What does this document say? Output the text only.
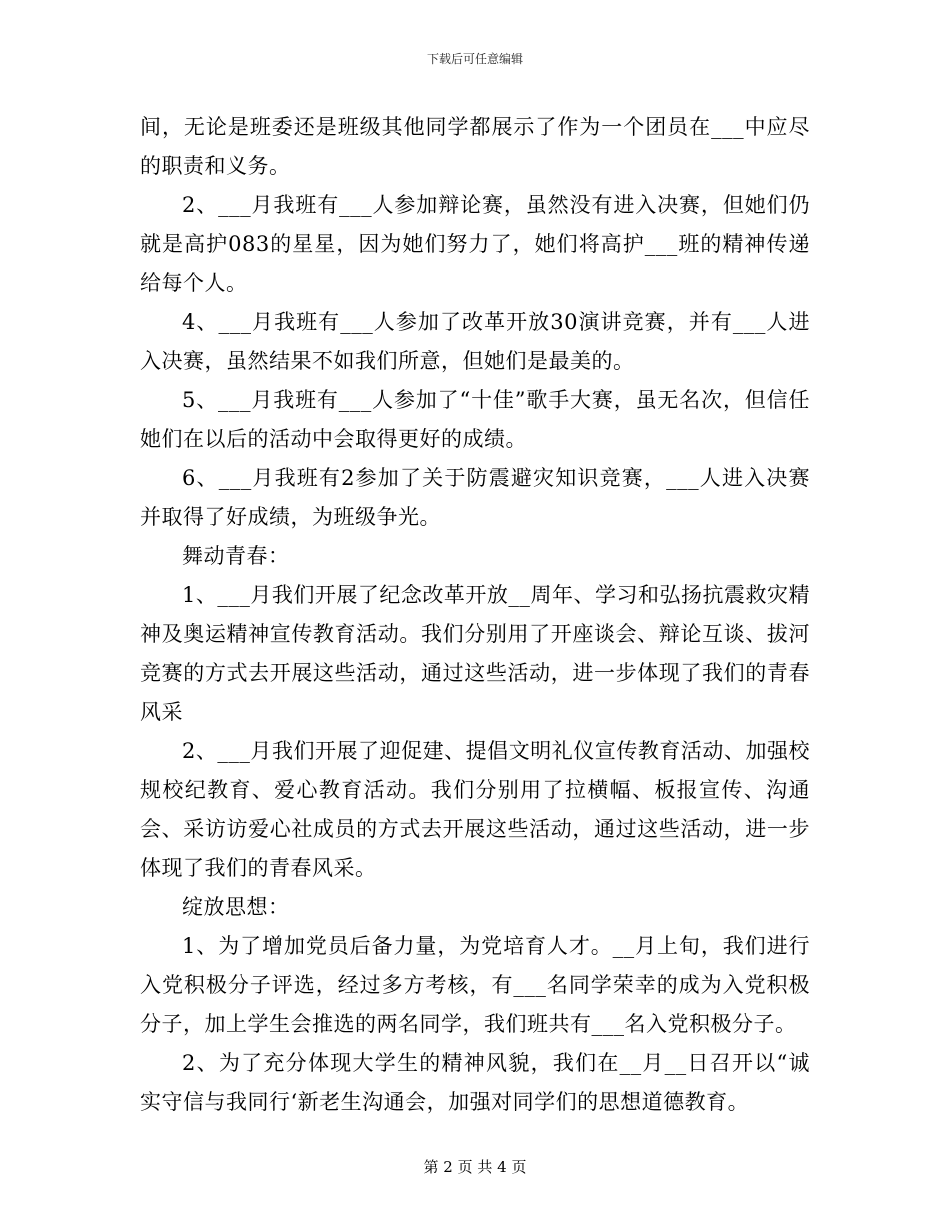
下载后可任意编辑

间，无论是班委还是班级其他同学都展示了作为一个团员在___中应尽的职责和义务。

2、___月我班有___人参加辩论赛，虽然没有进入决赛，但她们仍就是高护083的星星，因为她们努力了，她们将高护___班的精神传递给每个人。

4、___月我班有___人参加了改革开放30演讲竞赛，并有___人进入决赛，虽然结果不如我们所意，但她们是最美的。

5、___月我班有___人参加了“十佳”歌手大赛，虽无名次，但信任她们在以后的活动中会取得更好的成绩。

6、___月我班有2参加了关于防震避灾知识竞赛，___人进入决赛并取得了好成绩，为班级争光。

舞动青春：

1、___月我们开展了纪念改革开放__周年、学习和弘扬抗震救灾精神及奥运精神宣传教育活动。我们分别用了开座谈会、辩论互谈、拔河竞赛的方式去开展这些活动，通过这些活动，进一步体现了我们的青春风采

2、___月我们开展了迎促建、提倡文明礼仪宣传教育活动、加强校规校纪教育、爱心教育活动。我们分别用了拉横幅、板报宣传、沟通会、采访访爱心社成员的方式去开展这些活动，通过这些活动，进一步体现了我们的青春风采。

绽放思想：

1、为了增加党员后备力量，为党培育人才。__月上旬，我们进行入党积极分子评选，经过多方考核，有___名同学荣幸的成为入党积极分子，加上学生会推选的两名同学，我们班共有___名入党积极分子。

2、为了充分体现大学生的精神风貌，我们在__月__日召开以“诚实守信与我同行‘新老生沟通会，加强对同学们的思想道德教育。

第 2 页 共 4 页
